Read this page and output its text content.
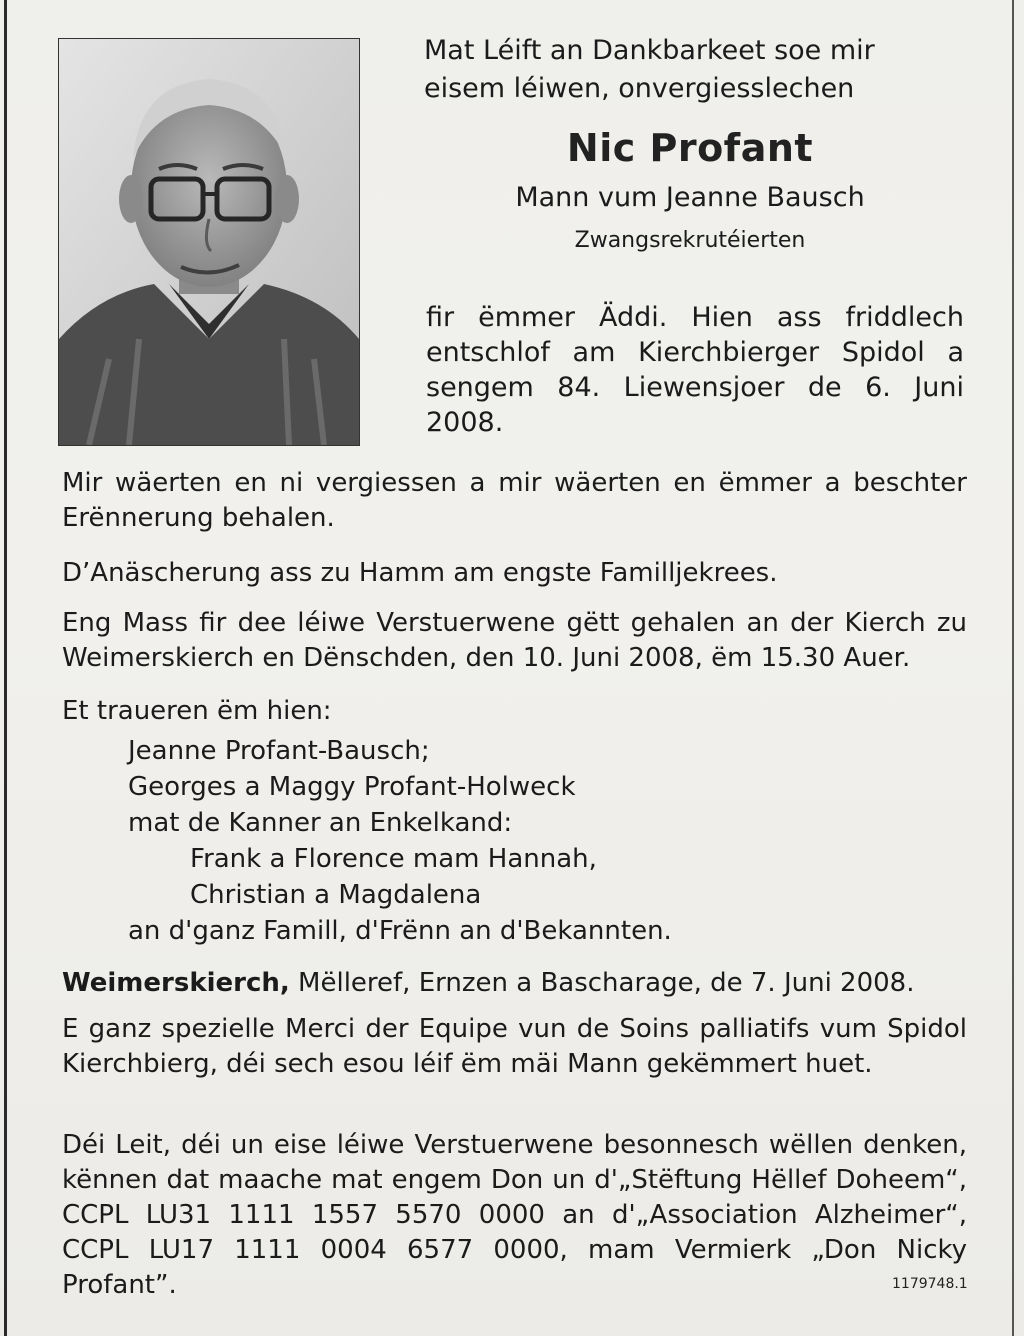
Mat Léift an Dankbarkeet soe mir eisem léiwen, onvergiesslechen
Nic Profant
Mann vum Jeanne Bausch
Zwangsrekrutéierten
fir ëmmer Äddi. Hien ass friddlech entschlof am Kierchbierger Spidol a sengem 84. Liewensjoer de 6. Juni 2008.
Mir wäerten en ni vergiessen a mir wäerten en ëmmer a beschter Erënnerung behalen.
D’Anäscherung ass zu Hamm am engste Familljekrees.
Eng Mass fir dee léiwe Verstuerwene gëtt gehalen an der Kierch zu Weimerskierch en Dënschden, den 10. Juni 2008, ëm 15.30 Auer.
Et traueren ëm hien:
Jeanne Profant-Bausch;
Georges a Maggy Profant-Holweck
mat de Kanner an Enkelkand:
Frank a Florence mam Hannah,
Christian a Magdalena
an d'ganz Famill, d'Frënn an d'Bekannten.
Weimerskierch, Mëlleref, Ernzen a Bascharage, de 7. Juni 2008.
E ganz spezielle Merci der Equipe vun de Soins palliatifs vum Spidol Kierchbierg, déi sech esou léif ëm mäi Mann gekëmmert huet.
Déi Leit, déi un eise léiwe Verstuerwene besonnesch wëllen denken, kënnen dat maache mat engem Don un d'„Stëftung Hëllef Doheem“, CCPL LU31 1111 1557 5570 0000 an d'„Association Alzheimer“, CCPL LU17 1111 0004 6577 0000, mam Vermierk „Don Nicky Profant”.	1179748.1
